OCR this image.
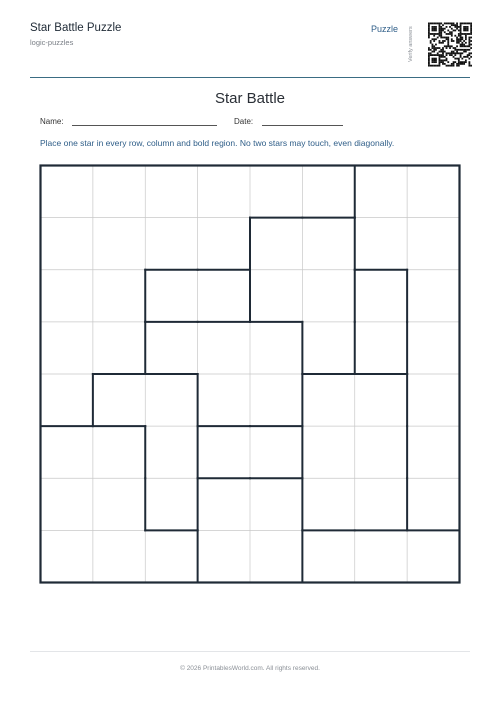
Star Battle Puzzle
logic-puzzles
Puzzle Verify answers
Star Battle
Name:	Date:
Place one star in every row, column and bold region. No two stars may touch, even diagonally.
© 2026 PrintablesWorld.com. All rights reserved.
